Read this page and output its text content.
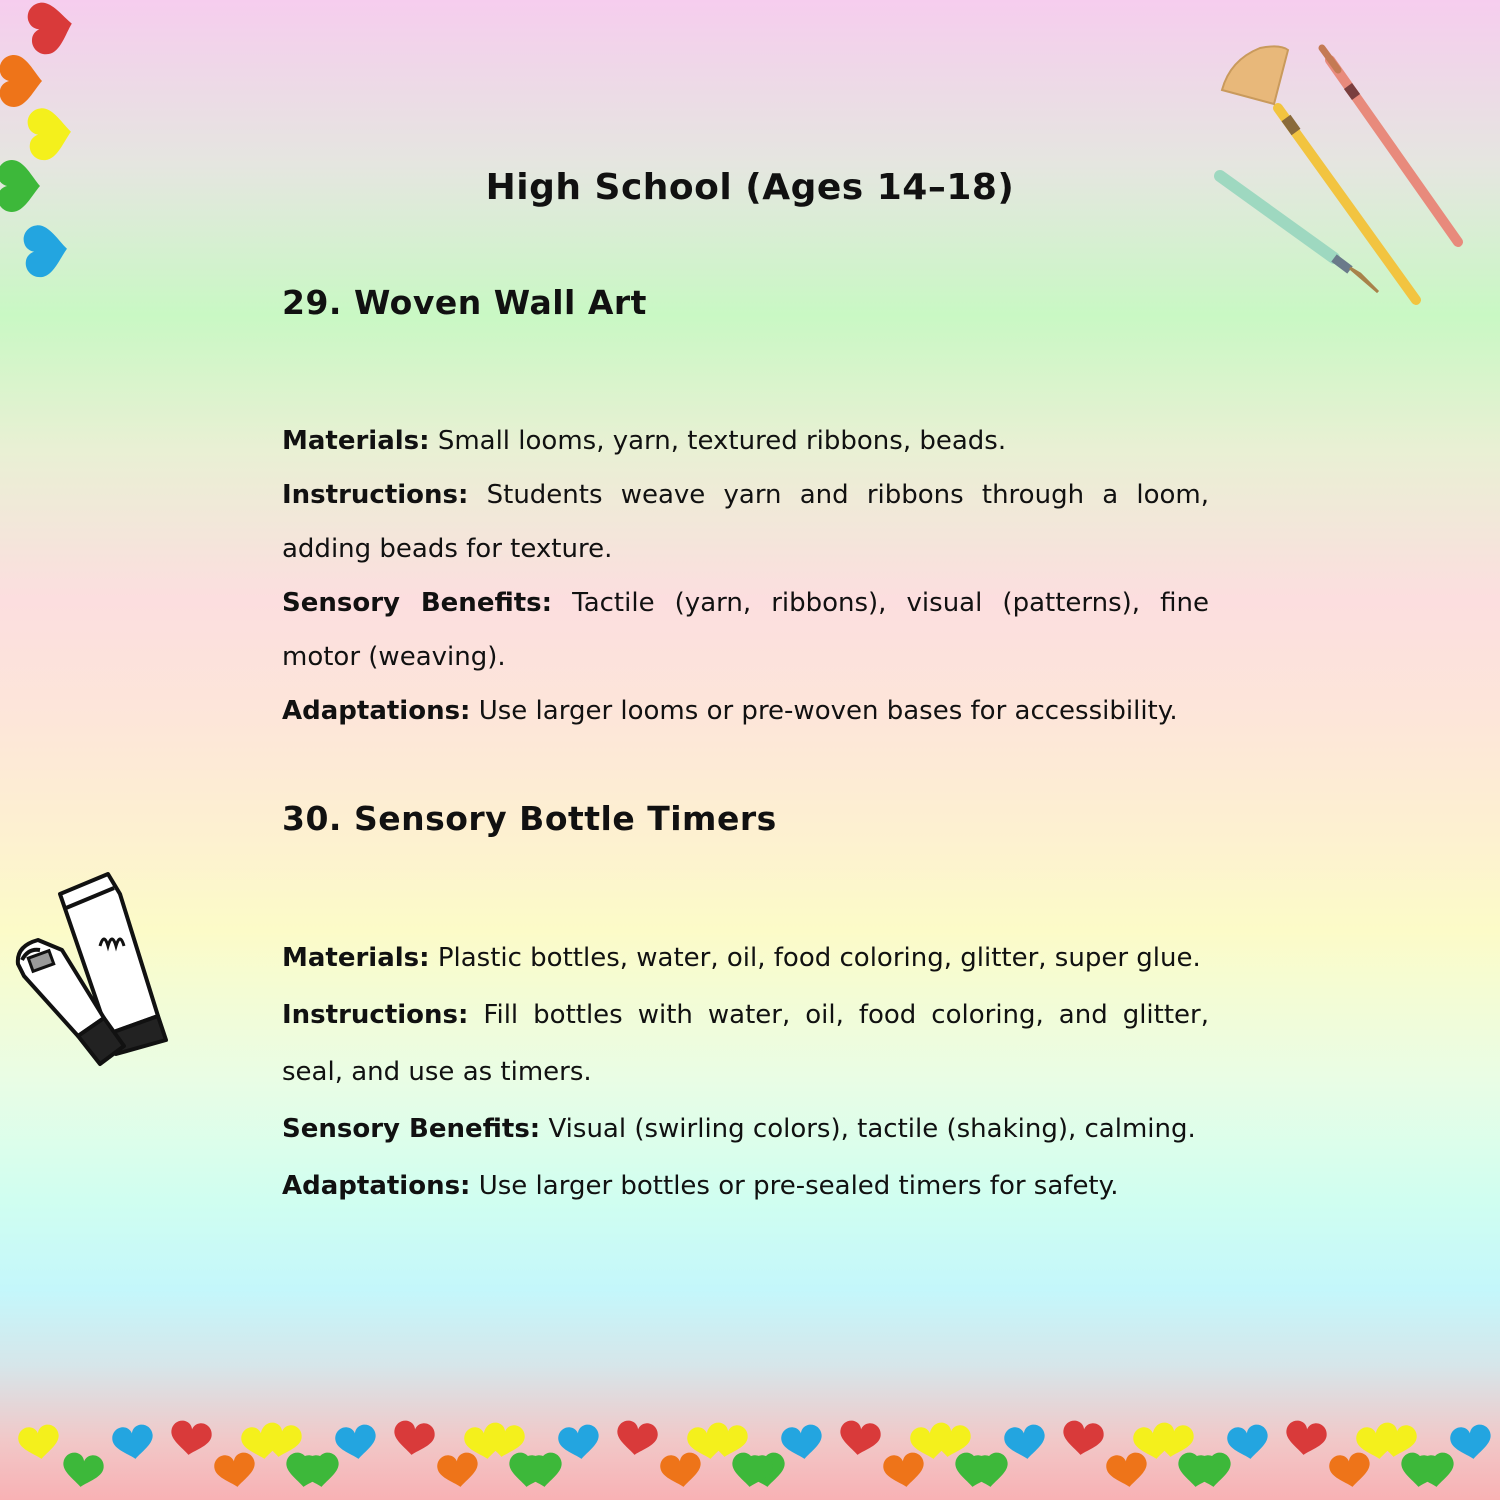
High School (Ages 14–18)
29. Woven Wall Art

Materials: Small looms, yarn, textured ribbons, beads.

Instructions: Students weave yarn and ribbons through a loom, adding beads for texture.

Sensory Benefits: Tactile (yarn, ribbons), visual (patterns), fine motor (weaving).

Adaptations: Use larger looms or pre-woven bases for accessibility.

30. Sensory Bottle Timers

Materials: Plastic bottles, water, oil, food coloring, glitter, super glue.

Instructions: Fill bottles with water, oil, food coloring, and glitter, seal, and use as timers.

Sensory Benefits: Visual (swirling colors), tactile (shaking), calming.

Adaptations: Use larger bottles or pre-sealed timers for safety.
